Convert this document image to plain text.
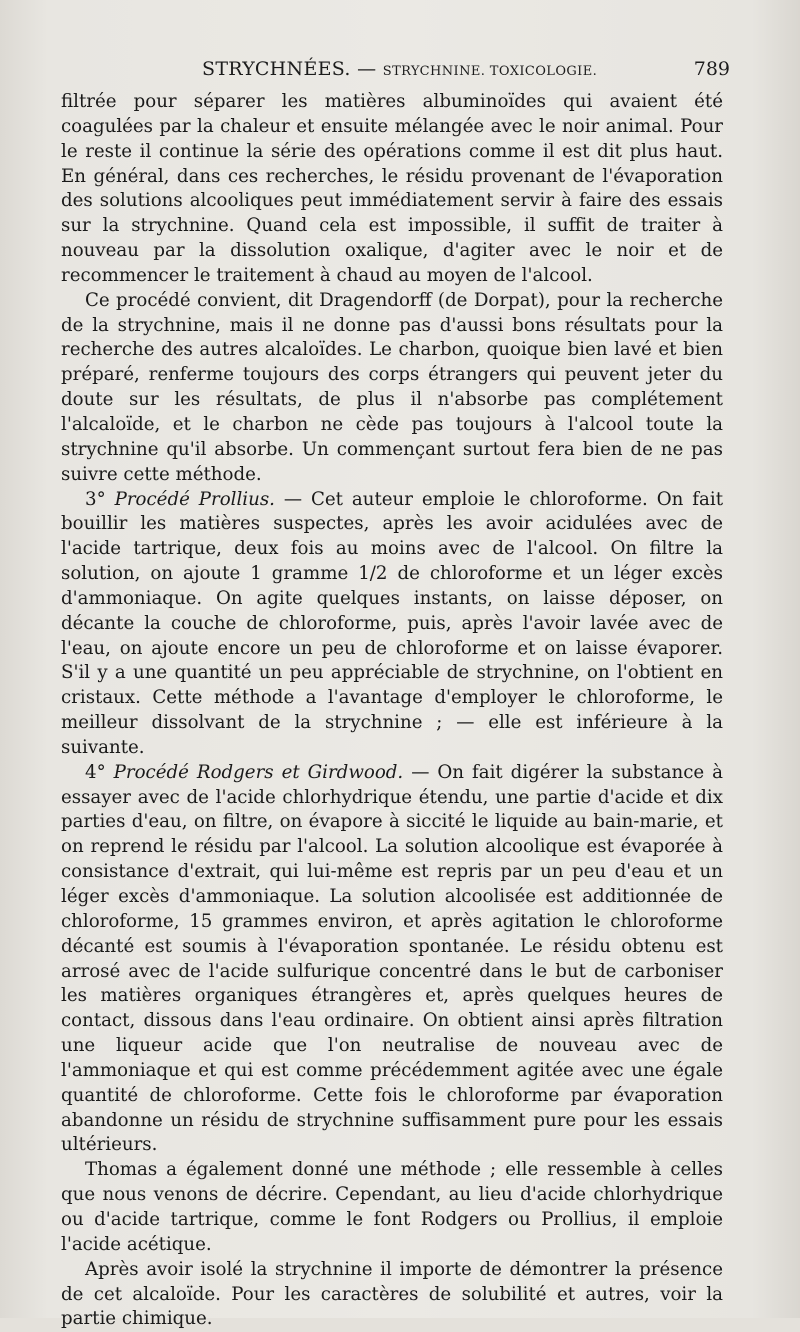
STRYCHNÉES. — STRYCHNINE. TOXICOLOGIE.	789

filtrée pour séparer les matières albuminoïdes qui avaient été coagulées par la chaleur et ensuite mélangée avec le noir animal. Pour le reste il continue la série des opérations comme il est dit plus haut. En général, dans ces recherches, le résidu provenant de l'évaporation des solutions alcooliques peut immédiatement servir à faire des essais sur la strychnine. Quand cela est impossible, il suffit de traiter à nouveau par la dissolution oxalique, d'agiter avec le noir et de recommencer le traitement à chaud au moyen de l'alcool.

Ce procédé convient, dit Dragendorff (de Dorpat), pour la recherche de la strychnine, mais il ne donne pas d'aussi bons résultats pour la recherche des autres alcaloïdes. Le charbon, quoique bien lavé et bien préparé, renferme toujours des corps étrangers qui peuvent jeter du doute sur les résultats, de plus il n'absorbe pas complétement l'alcaloïde, et le charbon ne cède pas toujours à l'alcool toute la strychnine qu'il absorbe. Un commençant surtout fera bien de ne pas suivre cette méthode.

3° Procédé Prollius. — Cet auteur emploie le chloroforme. On fait bouillir les matières suspectes, après les avoir acidulées avec de l'acide tartrique, deux fois au moins avec de l'alcool. On filtre la solution, on ajoute 1 gramme 1/2 de chloroforme et un léger excès d'ammoniaque. On agite quelques instants, on laisse déposer, on décante la couche de chloroforme, puis, après l'avoir lavée avec de l'eau, on ajoute encore un peu de chloroforme et on laisse évaporer. S'il y a une quantité un peu appréciable de strychnine, on l'obtient en cristaux. Cette méthode a l'avantage d'employer le chloroforme, le meilleur dissolvant de la strychnine ; — elle est inférieure à la suivante.

4° Procédé Rodgers et Girdwood. — On fait digérer la substance à essayer avec de l'acide chlorhydrique étendu, une partie d'acide et dix parties d'eau, on filtre, on évapore à siccité le liquide au bain-marie, et on reprend le résidu par l'alcool. La solution alcoolique est évaporée à consistance d'extrait, qui lui-même est repris par un peu d'eau et un léger excès d'ammoniaque. La solution alcoolisée est additionnée de chloroforme, 15 grammes environ, et après agitation le chloroforme décanté est soumis à l'évaporation spontanée. Le résidu obtenu est arrosé avec de l'acide sulfurique concentré dans le but de carboniser les matières organiques étrangères et, après quelques heures de contact, dissous dans l'eau ordinaire. On obtient ainsi après filtration une liqueur acide que l'on neutralise de nouveau avec de l'ammoniaque et qui est comme précédemment agitée avec une égale quantité de chloroforme. Cette fois le chloroforme par évaporation abandonne un résidu de strychnine suffisamment pure pour les essais ultérieurs.

Thomas a également donné une méthode ; elle ressemble à celles que nous venons de décrire. Cependant, au lieu d'acide chlorhydrique ou d'acide tartrique, comme le font Rodgers ou Prollius, il emploie l'acide acétique.

Après avoir isolé la strychnine il importe de démontrer la présence de cet alcaloïde. Pour les caractères de solubilité et autres, voir la partie chimique.
